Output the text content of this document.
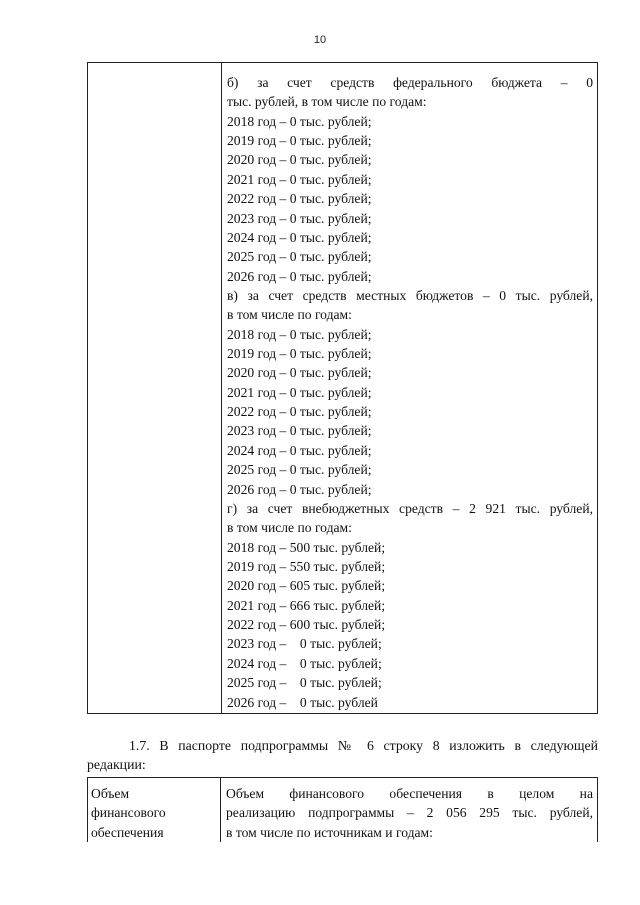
10
б) за счет средств федерального бюджета – 0
тыс. рублей, в том числе по годам:
2018 год – 0 тыс. рублей;
2019 год – 0 тыс. рублей;
2020 год – 0 тыс. рублей;
2021 год – 0 тыс. рублей;
2022 год – 0 тыс. рублей;
2023 год – 0 тыс. рублей;
2024 год – 0 тыс. рублей;
2025 год – 0 тыс. рублей;
2026 год – 0 тыс. рублей;
в) за счет средств местных бюджетов – 0 тыс. рублей,
в том числе по годам:
2018 год – 0 тыс. рублей;
2019 год – 0 тыс. рублей;
2020 год – 0 тыс. рублей;
2021 год – 0 тыс. рублей;
2022 год – 0 тыс. рублей;
2023 год – 0 тыс. рублей;
2024 год – 0 тыс. рублей;
2025 год – 0 тыс. рублей;
2026 год – 0 тыс. рублей;
г) за счет внебюджетных средств – 2 921 тыс. рублей,
в том числе по годам:
2018 год – 500 тыс. рублей;
2019 год – 550 тыс. рублей;
2020 год – 605 тыс. рублей;
2021 год – 666 тыс. рублей;
2022 год – 600 тыс. рублей;
2023 год –    0 тыс. рублей;
2024 год –    0 тыс. рублей;
2025 год –    0 тыс. рублей;
2026 год –    0 тыс. рублей
1.7. В паспорте подпрограммы № 6 строку 8 изложить в следующей
редакции:
Объем
финансового
обеспечения
Объем финансового обеспечения в целом на
реализацию подпрограммы – 2 056 295 тыс. рублей,
в том числе по источникам и годам:
